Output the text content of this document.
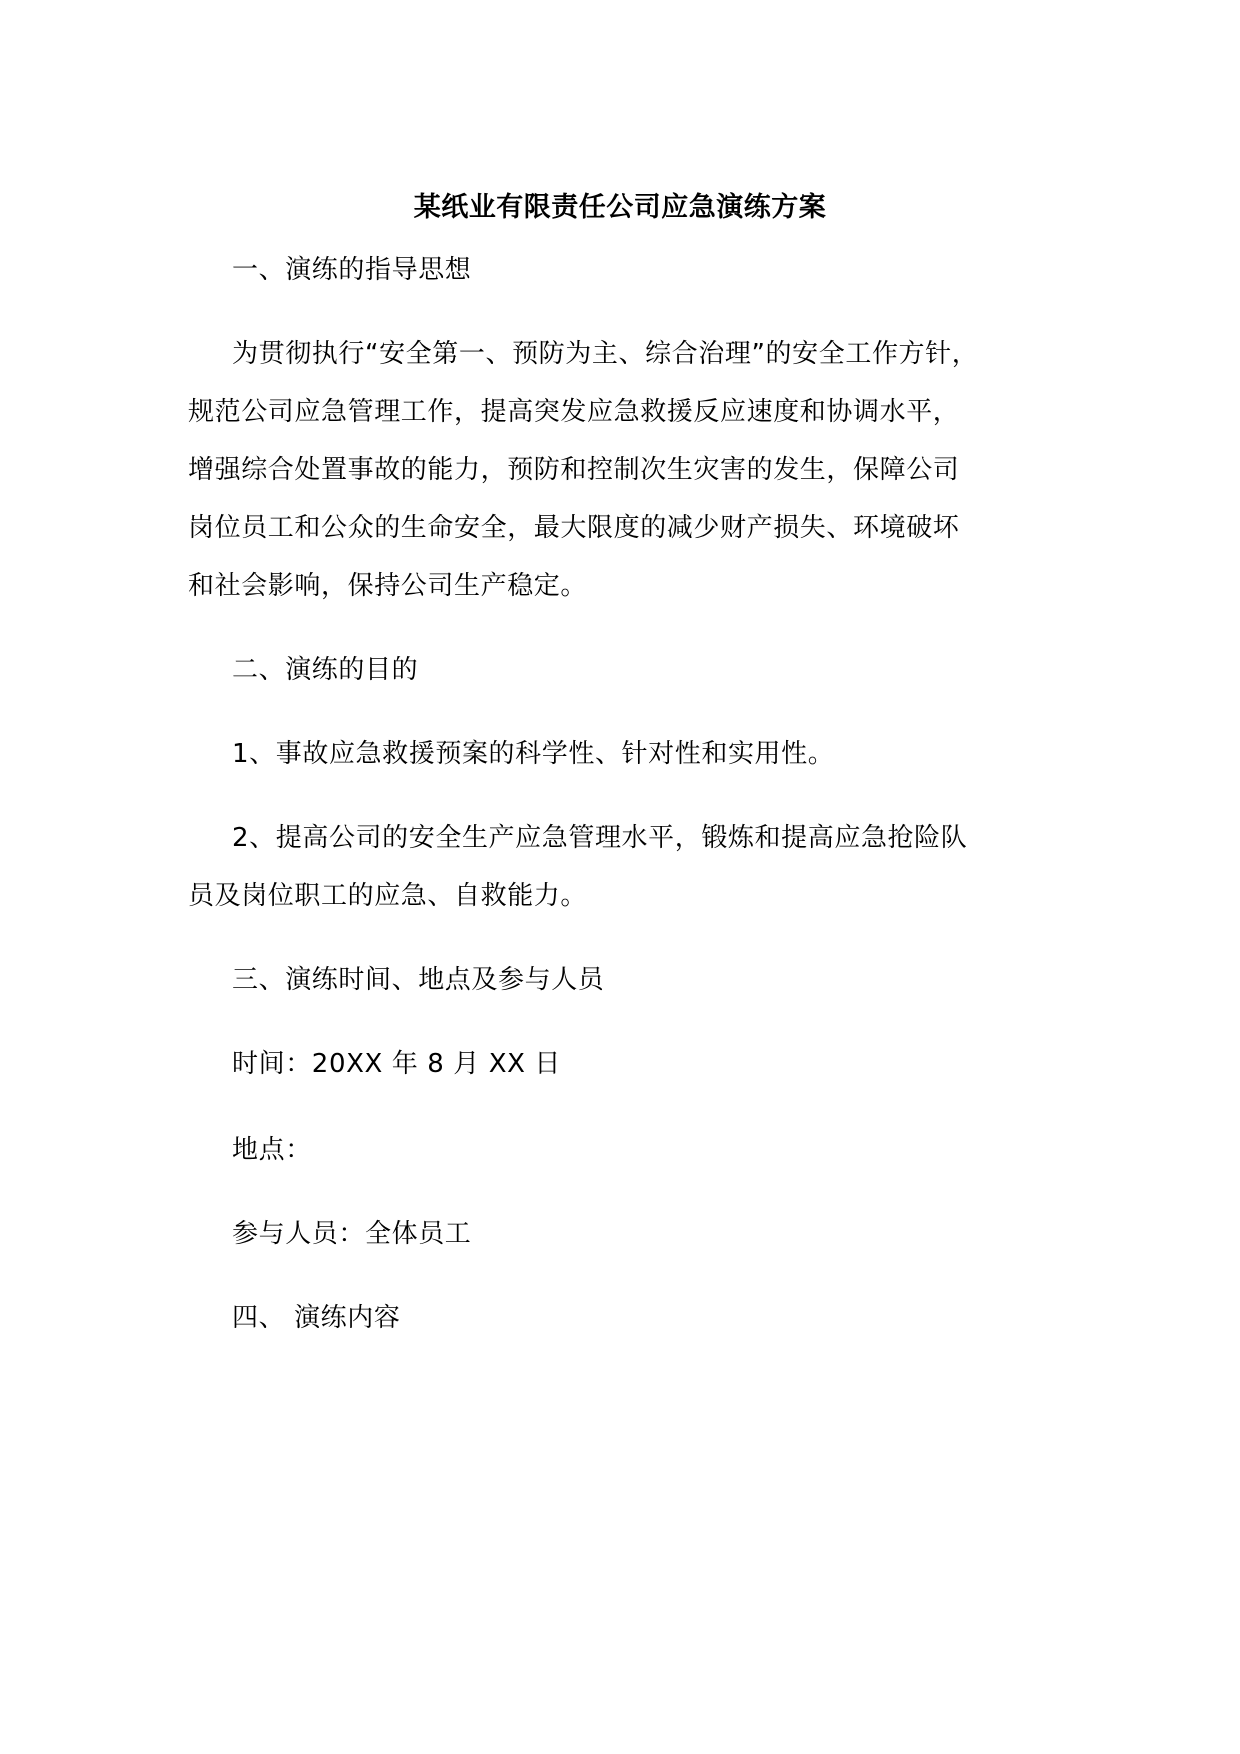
某纸业有限责任公司应急演练方案
一、演练的指导思想
为贯彻执行“安全第一、预防为主、综合治理”的安全工作方针，
规范公司应急管理工作，提高突发应急救援反应速度和协调水平，
增强综合处置事故的能力，预防和控制次生灾害的发生，保障公司
岗位员工和公众的生命安全，最大限度的减少财产损失、环境破坏
和社会影响，保持公司生产稳定。
二、演练的目的
1、事故应急救援预案的科学性、针对性和实用性。
2、提高公司的安全生产应急管理水平，锻炼和提高应急抢险队
员及岗位职工的应急、自救能力。
三、演练时间、地点及参与人员
时间：20XX 年 8 月 XX 日
地点：
参与人员：全体员工
四、 演练内容
